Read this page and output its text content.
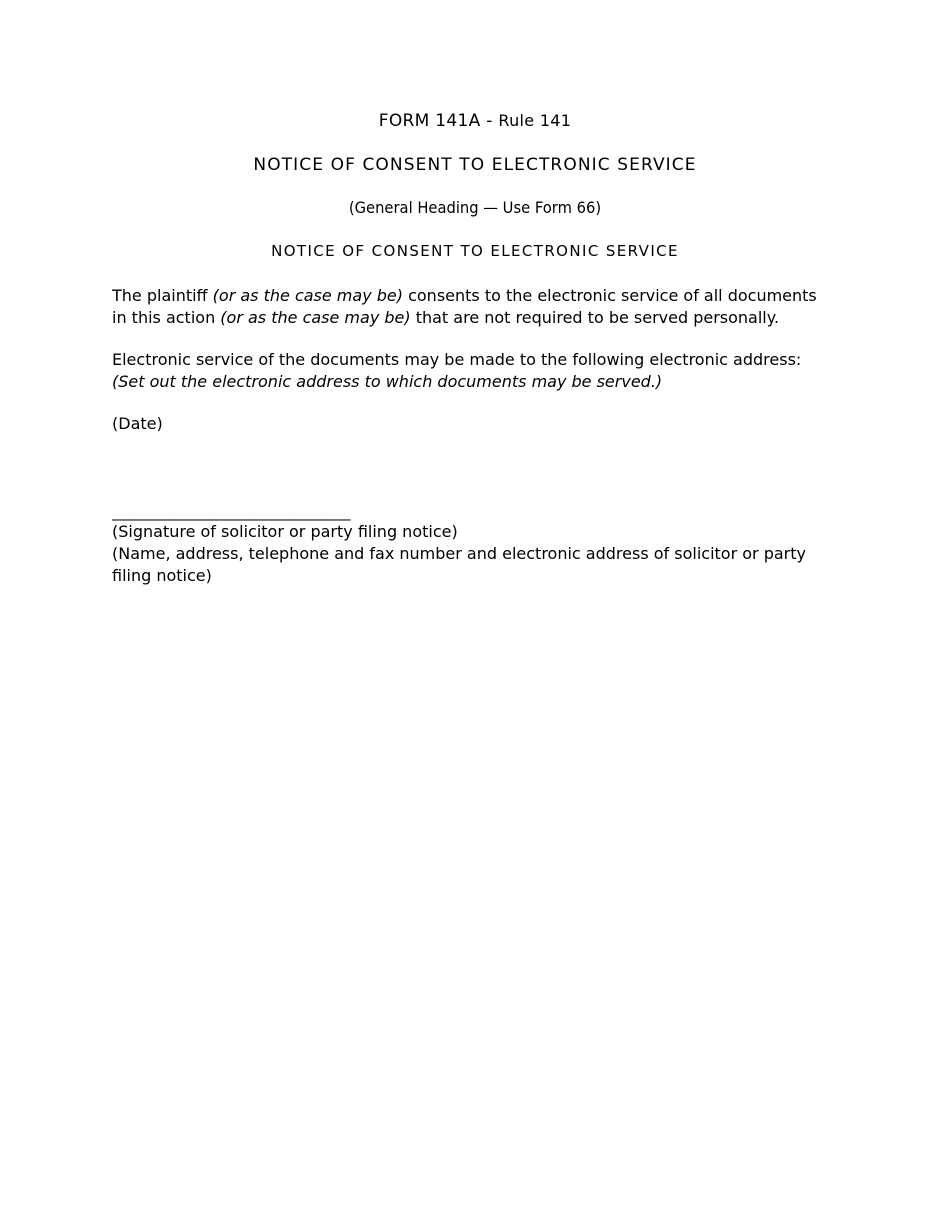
FORM 141A - Rule 141
NOTICE OF CONSENT TO ELECTRONIC SERVICE
(General Heading — Use Form 66)
NOTICE OF CONSENT TO ELECTRONIC SERVICE
The plaintiff (or as the case may be) consents to the electronic service of all documents in this action (or as the case may be) that are not required to be served personally.
Electronic service of the documents may be made to the following electronic address: (Set out the electronic address to which documents may be served.)
(Date)
_______________________________
(Signature of solicitor or party filing notice)
(Name, address, telephone and fax number and electronic address of solicitor or party filing notice)
